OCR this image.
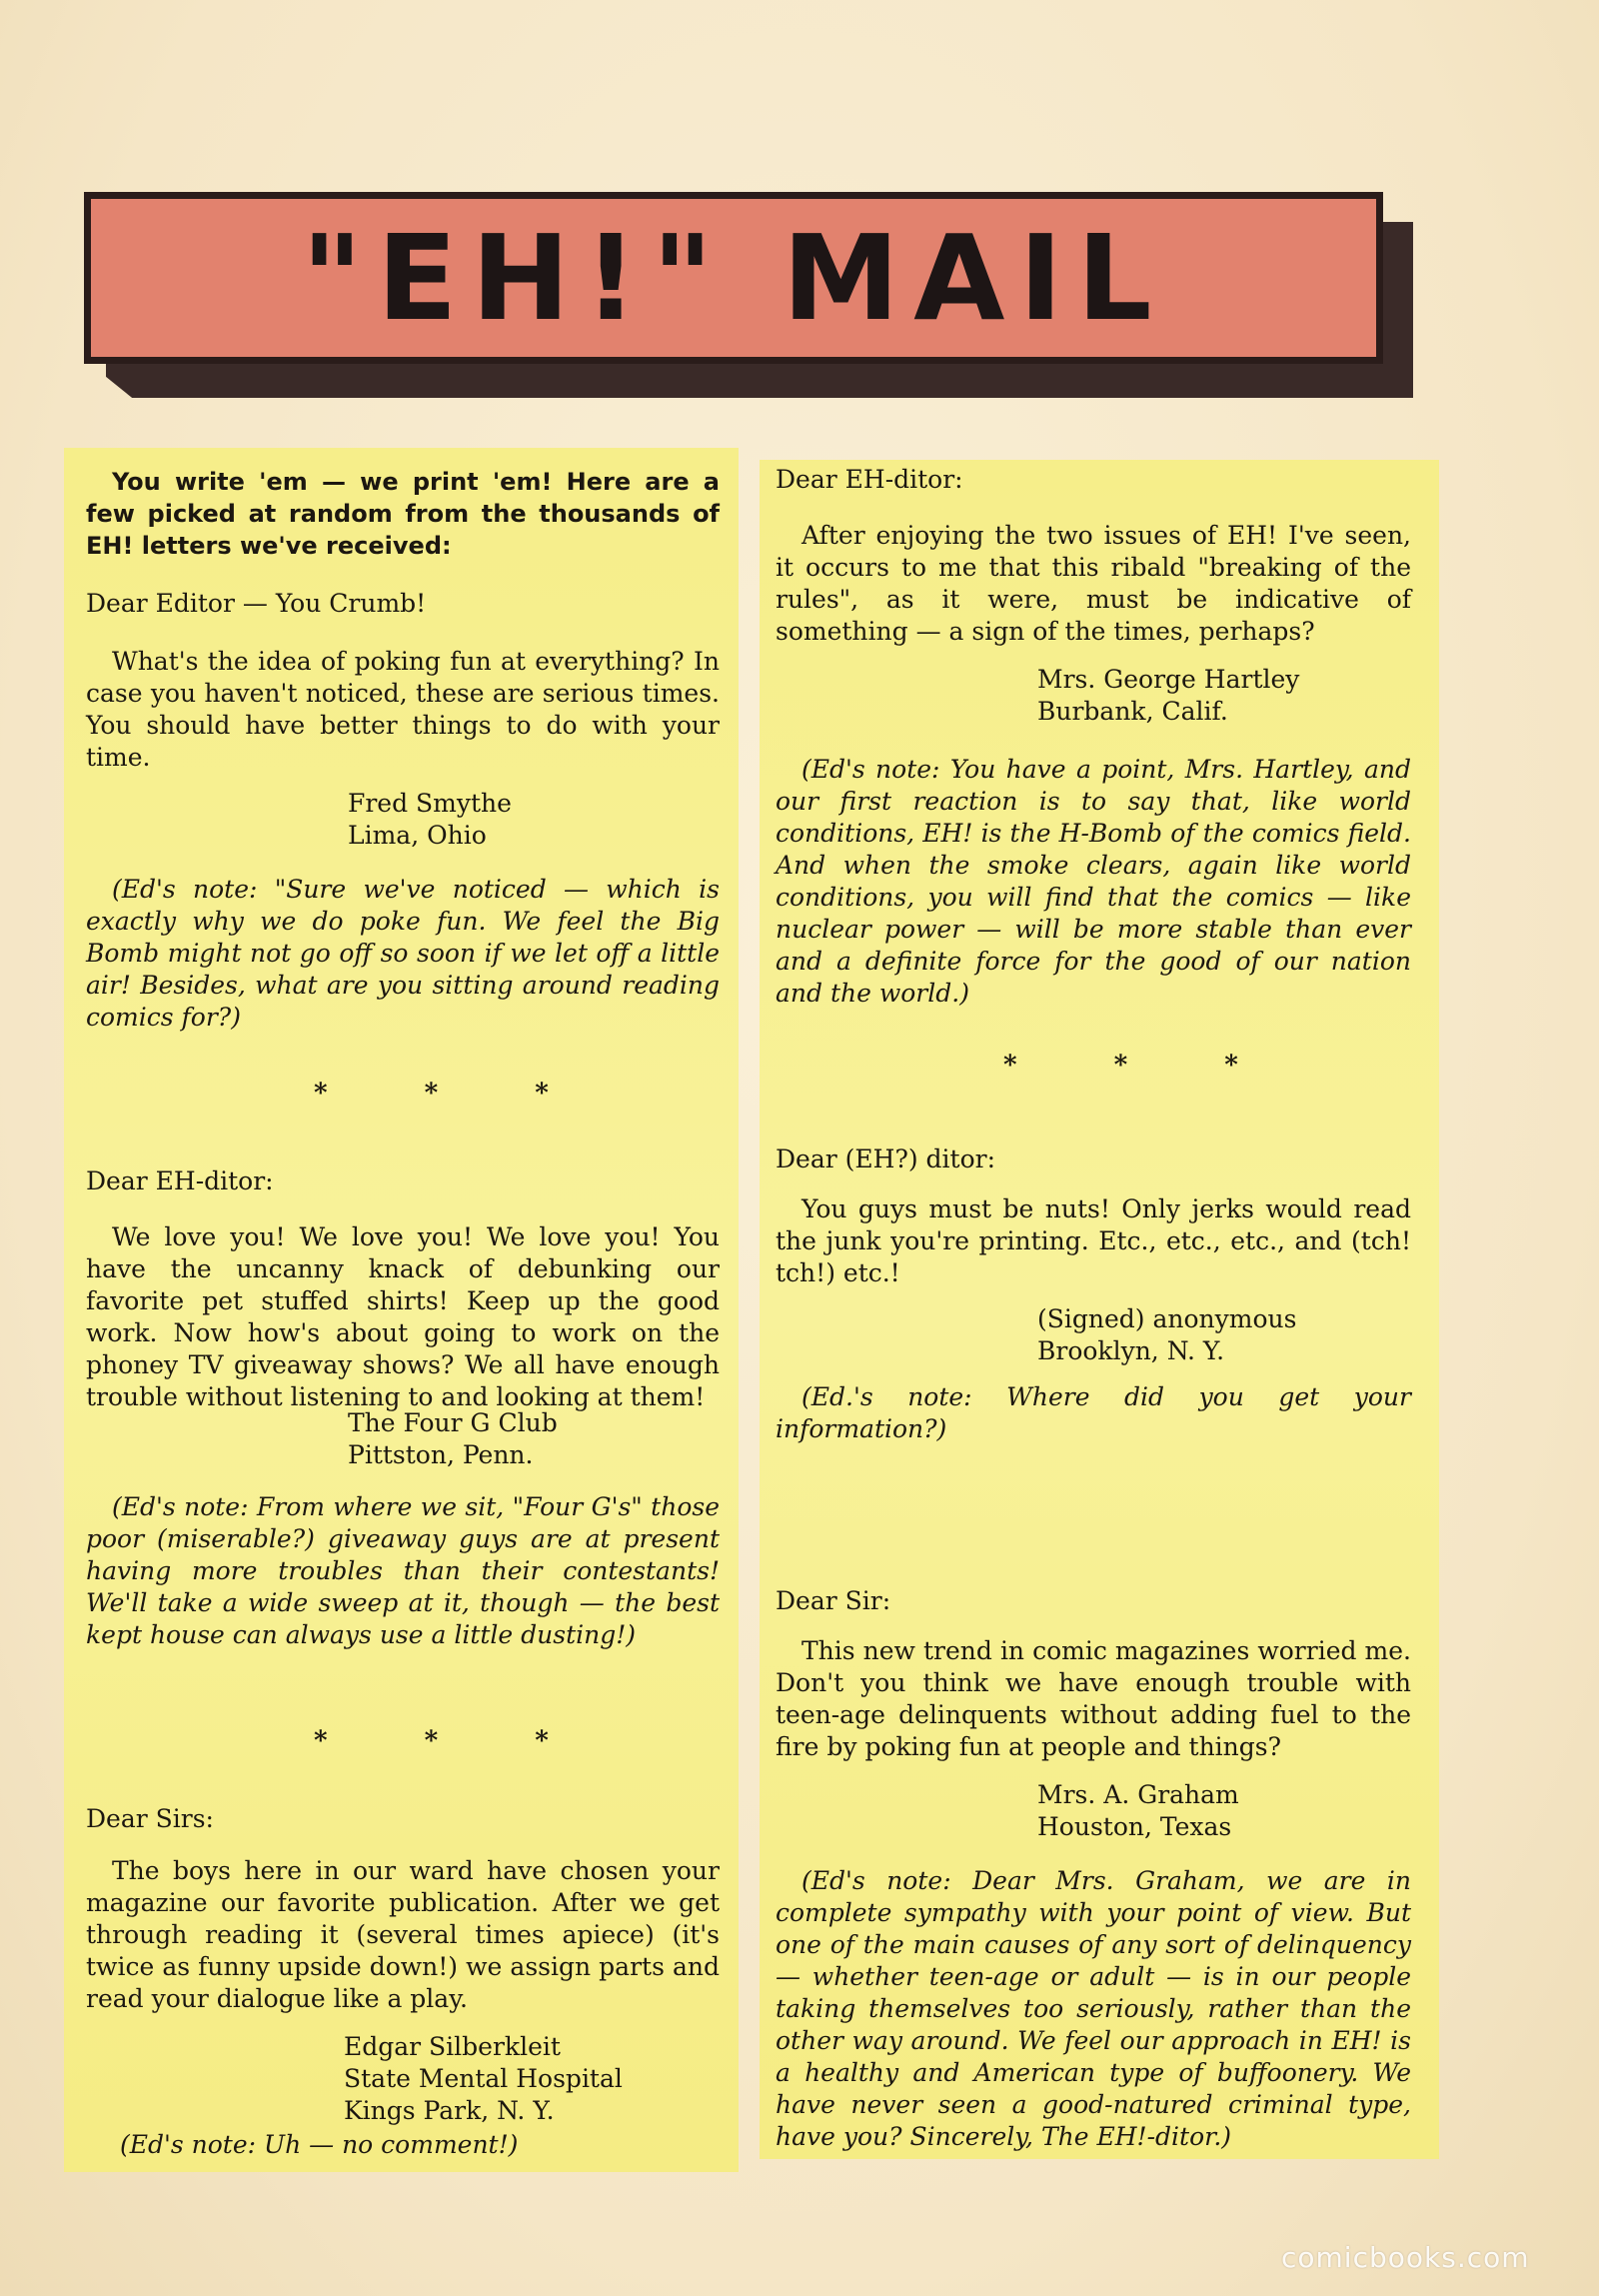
"EH!" MAIL

You write 'em — we print 'em! Here are a few picked at random from the thousands of EH! letters we've received:

Dear Editor — You Crumb!

What's the idea of poking fun at everything? In case you haven't noticed, these are serious times. You should have better things to do with your time.

Fred Smythe
Lima, Ohio

(Ed's note: "Sure we've noticed — which is exactly why we do poke fun. We feel the Big Bomb might not go off so soon if we let off a little air! Besides, what are you sitting around reading comics for?)

* * *

Dear EH-ditor:

We love you! We love you! We love you! You have the uncanny knack of debunking our favorite pet stuffed shirts! Keep up the good work. Now how's about going to work on the phoney TV giveaway shows? We all have enough trouble without listening to and looking at them!

The Four G Club
Pittston, Penn.

(Ed's note: From where we sit, "Four G's" those poor (miserable?) giveaway guys are at present having more troubles than their contestants! We'll take a wide sweep at it, though — the best kept house can always use a little dusting!)

* * *

Dear Sirs:

The boys here in our ward have chosen your magazine our favorite publication. After we get through reading it (several times apiece) (it's twice as funny upside down!) we assign parts and read your dialogue like a play.

Edgar Silberkleit
State Mental Hospital
Kings Park, N. Y.

(Ed's note: Uh — no comment!)

Dear EH-ditor:

After enjoying the two issues of EH! I've seen, it occurs to me that this ribald "breaking of the rules", as it were, must be indicative of something — a sign of the times, perhaps?

Mrs. George Hartley
Burbank, Calif.

(Ed's note: You have a point, Mrs. Hartley, and our first reaction is to say that, like world conditions, EH! is the H-Bomb of the comics field. And when the smoke clears, again like world conditions, you will find that the comics — like nuclear power — will be more stable than ever and a definite force for the good of our nation and the world.)

* * *

Dear (EH?) ditor:

You guys must be nuts! Only jerks would read the junk you're printing. Etc., etc., etc., and (tch! tch!) etc.!

(Signed) anonymous
Brooklyn, N. Y.

(Ed.'s note: Where did you get your information?)

Dear Sir:

This new trend in comic magazines worried me. Don't you think we have enough trouble with teen-age delinquents without adding fuel to the fire by poking fun at people and things?

Mrs. A. Graham
Houston, Texas

(Ed's note: Dear Mrs. Graham, we are in complete sympathy with your point of view. But one of the main causes of any sort of delinquency — whether teen-age or adult — is in our people taking themselves too seriously, rather than the other way around. We feel our approach in EH! is a healthy and American type of buffoonery. We have never seen a good-natured criminal type, have you? Sincerely, The EH!-ditor.)

comicbooks.com
